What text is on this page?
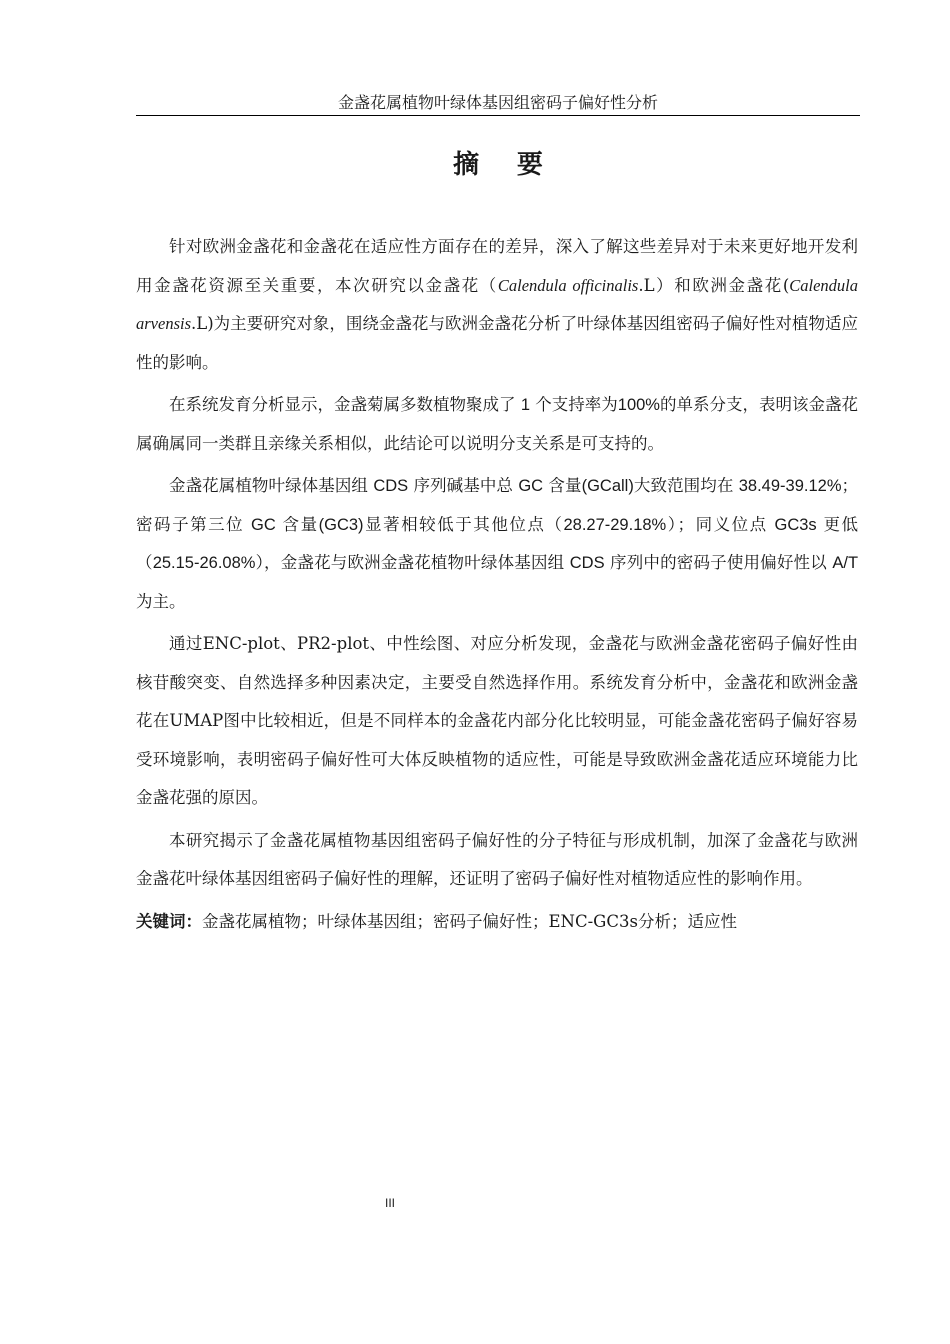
金盏花属植物叶绿体基因组密码子偏好性分析
摘 要

针对欧洲金盏花和金盏花在适应性方面存在的差异，深入了解这些差异对于未来更好地开发利用金盏花资源至关重要，本次研究以金盏花（Calendula officinalis.L）和欧洲金盏花(Calendula arvensis.L)为主要研究对象，围绕金盏花与欧洲金盏花分析了叶绿体基因组密码子偏好性对植物适应性的影响。

在系统发育分析显示，金盏菊属多数植物聚成了 1 个支持率为100%的单系分支，表明该金盏花属确属同一类群且亲缘关系相似，此结论可以说明分支关系是可支持的。

金盏花属植物叶绿体基因组 CDS 序列碱基中总 GC 含量(GCall)大致范围均在 38.49-39.12%；密码子第三位 GC 含量(GC3)显著相较低于其他位点（28.27-29.18%）；同义位点 GC3s 更低（25.15-26.08%），金盏花与欧洲金盏花植物叶绿体基因组 CDS 序列中的密码子使用偏好性以 A/T 为主。

通过ENC-plot、PR2-plot、中性绘图、对应分析发现，金盏花与欧洲金盏花密码子偏好性由核苷酸突变、自然选择多种因素决定，主要受自然选择作用。系统发育分析中，金盏花和欧洲金盏花在UMAP图中比较相近，但是不同样本的金盏花内部分化比较明显，可能金盏花密码子偏好容易受环境影响，表明密码子偏好性可大体反映植物的适应性，可能是导致欧洲金盏花适应环境能力比金盏花强的原因。

本研究揭示了金盏花属植物基因组密码子偏好性的分子特征与形成机制，加深了金盏花与欧洲金盏花叶绿体基因组密码子偏好性的理解，还证明了密码子偏好性对植物适应性的影响作用。

关键词：金盏花属植物；叶绿体基因组；密码子偏好性；ENC-GC3s分析；适应性
III
